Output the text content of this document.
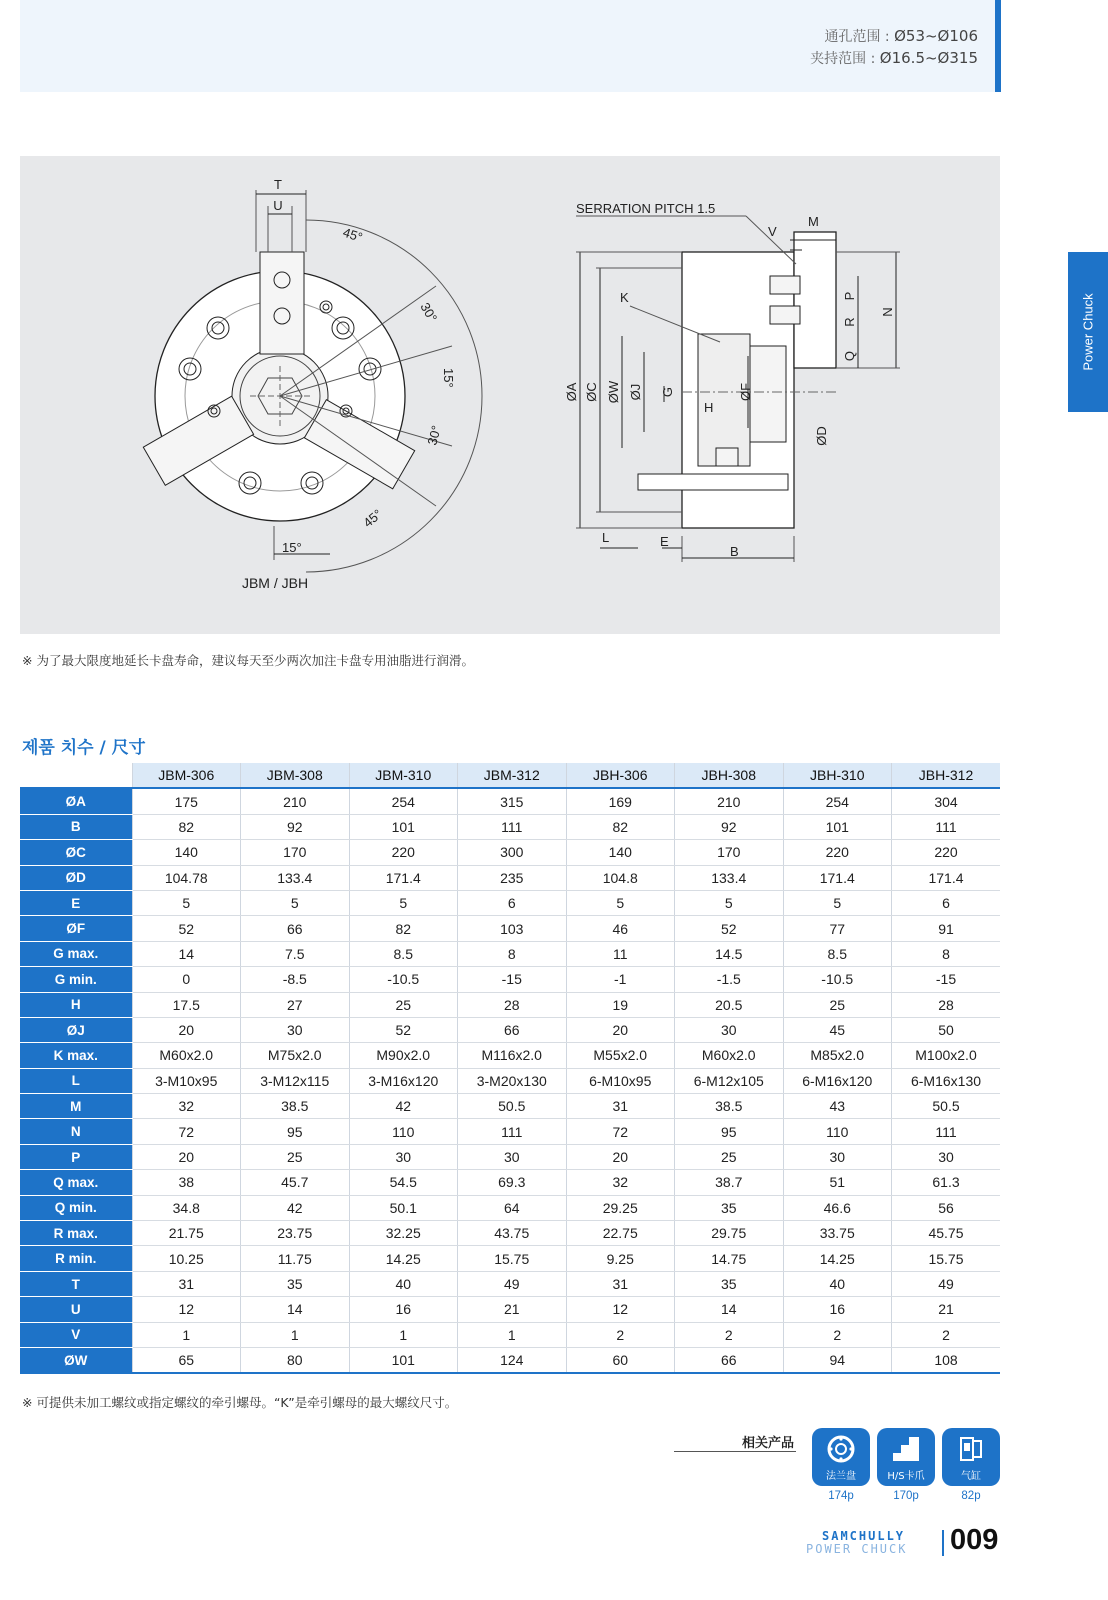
通孔范围 : Ø53~Ø106
夹持范围 : Ø16.5~Ø315
Power Chuck
T
U
45°
30°
15°
30°
45°
15°
JBM / JBH
ØA ØC ØW ØJ G
H
ØF
ØD
K
SERRATION PITCH 1.5
M
V
N
P
R
Q
B
E
L
※ 为了最大限度地延长卡盘寿命，建议每天至少两次加注卡盘专用油脂进行润滑。
제품 치수 / 尺寸
	JBM-306	JBM-308	JBM-310	JBM-312	JBH-306	JBH-308	JBH-310	JBH-312
ØA	175	210	254	315	169	210	254	304
B	82	92	101	111	82	92	101	111
ØC	140	170	220	300	140	170	220	220
ØD	104.78	133.4	171.4	235	104.8	133.4	171.4	171.4
E	5	5	5	6	5	5	5	6
ØF	52	66	82	103	46	52	77	91
G max.	14	7.5	8.5	8	11	14.5	8.5	8
G min.	0	-8.5	-10.5	-15	-1	-1.5	-10.5	-15
H	17.5	27	25	28	19	20.5	25	28
ØJ	20	30	52	66	20	30	45	50
K max.	M60x2.0	M75x2.0	M90x2.0	M116x2.0	M55x2.0	M60x2.0	M85x2.0	M100x2.0
L	3-M10x95	3-M12x115	3-M16x120	3-M20x130	6-M10x95	6-M12x105	6-M16x120	6-M16x130
M	32	38.5	42	50.5	31	38.5	43	50.5
N	72	95	110	111	72	95	110	111
P	20	25	30	30	20	25	30	30
Q max.	38	45.7	54.5	69.3	32	38.7	51	61.3
Q min.	34.8	42	50.1	64	29.25	35	46.6	56
R max.	21.75	23.75	32.25	43.75	22.75	29.75	33.75	45.75
R min.	10.25	11.75	14.25	15.75	9.25	14.75	14.25	15.75
T	31	35	40	49	31	35	40	49
U	12	14	16	21	12	14	16	21
V	1	1	1	1	2	2	2	2
ØW	65	80	101	124	60	66	94	108
※ 可提供未加工螺纹或指定螺纹的牵引螺母。“K”是牵引螺母的最大螺纹尺寸。
相关产品
法兰盘
174p
H/S卡爪
170p
气缸
82p
SAMCHULLY
POWER CHUCK 009
